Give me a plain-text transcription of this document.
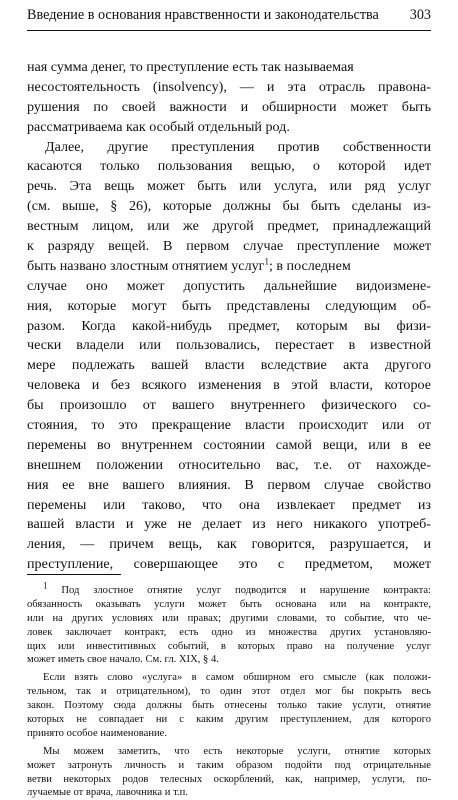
Введение в основания нравственности и законодательства 303
ная сумма денег, то преступление есть так называемая
несостоятельность (insolvency), — и эта отрасль правона-
рушения по своей важности и обширности может быть
рассматриваема как особый отдельный род.
Далее, другие преступления против собственности
касаются только пользования вещью, о которой идет
речь. Эта вещь может быть или услуга, или ряд услуг
(см. выше, § 26), которые должны бы быть сделаны из-
вестным лицом, или же другой предмет, принадлежащий
к разряду вещей. В первом случае преступление может
быть названо злостным отнятием услуг$^1$; в последнем
случае оно может допустить дальнейшие видоизмене-
ния, которые могут быть представлены следующим об-
разом. Когда какой-нибудь предмет, которым вы физи-
чески владели или пользовались, перестает в известной
мере подлежать вашей власти вследствие акта другого
человека и без всякого изменения в этой власти, которое
бы произошло от вашего внутреннего физического со-
стояния, то это прекращение власти происходит или от
перемены во внутреннем состоянии самой вещи, или в ее
внешнем положении относительно вас, т.е. от нахожде-
ния ее вне вашего влияния. В первом случае свойство
перемены или таково, что она извлекает предмет из
вашей власти и уже не делает из него никакого употреб-
ления, — причем вещь, как говорится, разрушается, и
преступление, совершающее это с предметом, может
$^1$ Под злостное отнятие услуг подводится и нарушение контракта:
обязанность оказывать услуги может быть основана или на контракте,
или на других условиях или правах; другими словами, то событие, что че-
ловек заключает контракт, есть одно из множества других установляю-
щих или инвеститивных событий, в которых право на получение услуг
может иметь свое начало. См. гл. XIX, § 4.
Если взять слово «услуга» в самом обширном его смысле (как положи-
тельном, так и отрицательном), то один этот отдел мог бы покрыть весь
закон. Поэтому сюда должны быть отнесены только такие услуги, отнятие
которых не совпадает ни с каким другим преступлением, для которого
принято особое наименование.
Мы можем заметить, что есть некоторые услуги, отнятие которых
может затронуть личность и таким образом подойти под отрицательные
ветви некоторых родов телесных оскорблений, как, например, услуги, по-
лучаемые от врача, лавочника и т.п.
